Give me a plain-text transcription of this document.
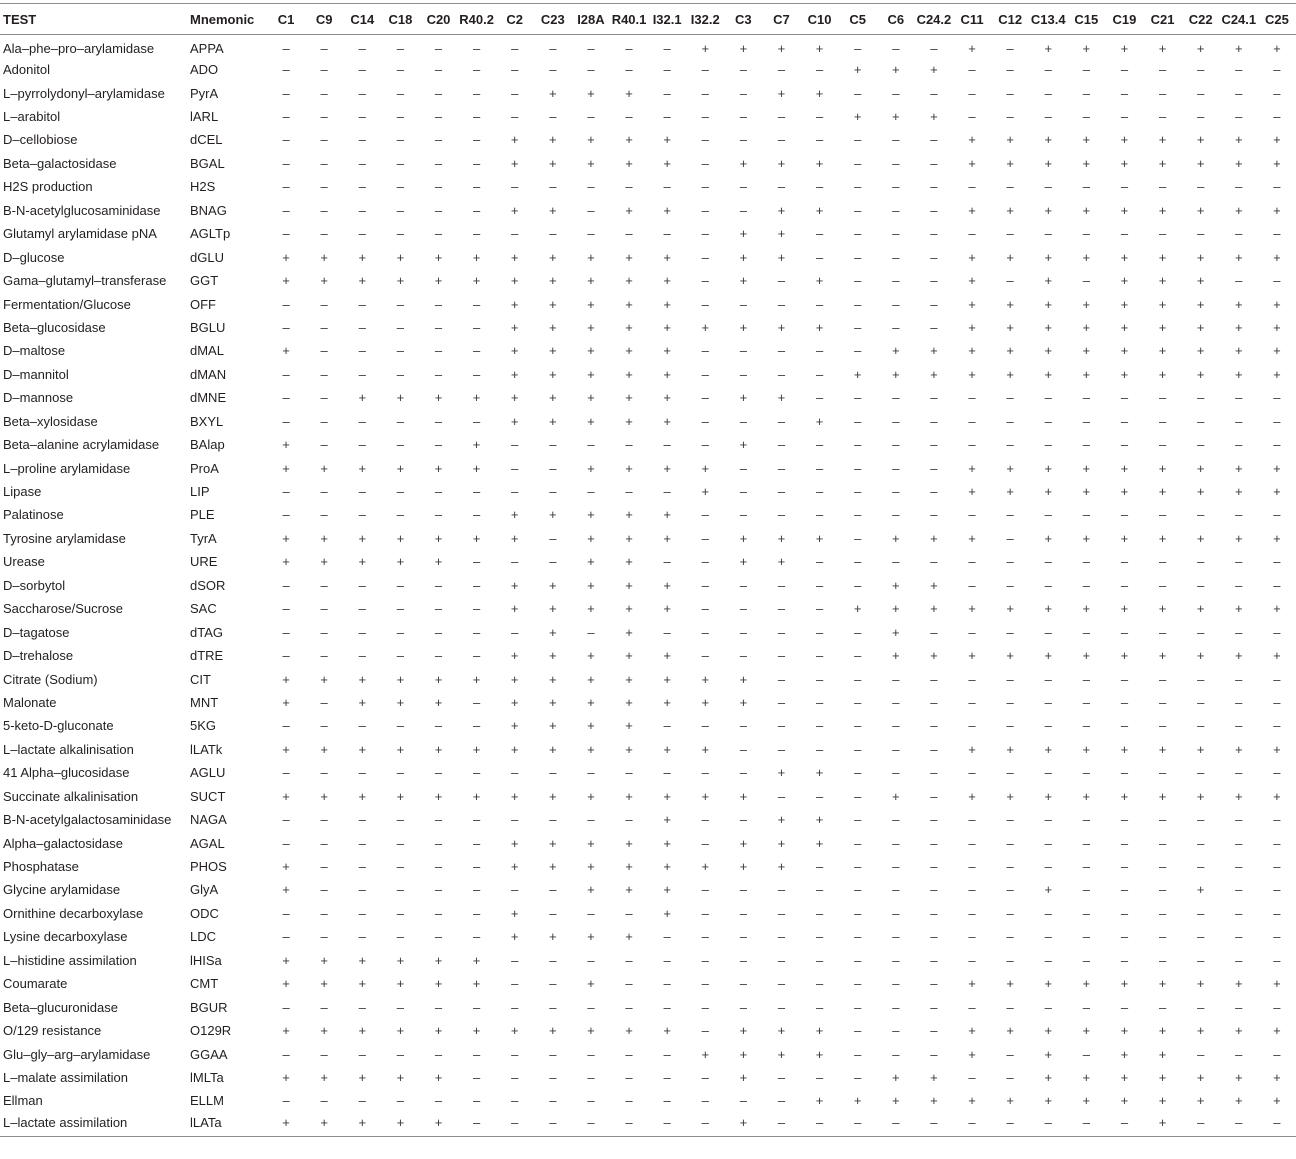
TEST	Mnemonic	C1	C9	C14	C18	C20	R40.2	C2	C23	I28A	R40.1	I32.1	I32.2	C3	C7	C10	C5	C6	C24.2	C11	C12	C13.4	C15	C19	C21	C22	C24.1	C25
Ala–phe–pro–arylamidase	APPA	–	–	–	–	–	–	–	–	–	–	–	+	+	+	+	–	–	–	+	–	+	+	+	+	+	+	+
Adonitol	ADO	–	–	–	–	–	–	–	–	–	–	–	–	–	–	–	+	+	+	–	–	–	–	–	–	–	–	–
L–pyrrolydonyl–arylamidase	PyrA	–	–	–	–	–	–	–	+	+	+	–	–	–	+	+	–	–	–	–	–	–	–	–	–	–	–	–
L–arabitol	lARL	–	–	–	–	–	–	–	–	–	–	–	–	–	–	–	+	+	+	–	–	–	–	–	–	–	–	–
D–cellobiose	dCEL	–	–	–	–	–	–	+	+	+	+	+	–	–	–	–	–	–	–	+	+	+	+	+	+	+	+	+
Beta–galactosidase	BGAL	–	–	–	–	–	–	+	+	+	+	+	–	+	+	+	–	–	–	+	+	+	+	+	+	+	+	+
H2S production	H2S	–	–	–	–	–	–	–	–	–	–	–	–	–	–	–	–	–	–	–	–	–	–	–	–	–	–	–
B-N-acetylglucosaminidase	BNAG	–	–	–	–	–	–	+	+	–	+	+	–	–	+	+	–	–	–	+	+	+	+	+	+	+	+	+
Glutamyl arylamidase pNA	AGLTp	–	–	–	–	–	–	–	–	–	–	–	–	+	+	–	–	–	–	–	–	–	–	–	–	–	–	–
D–glucose	dGLU	+	+	+	+	+	+	+	+	+	+	+	–	+	+	–	–	–	–	+	+	+	+	+	+	+	+	+
Gama–glutamyl–transferase	GGT	+	+	+	+	+	+	+	+	+	+	+	–	+	–	+	–	–	–	+	–	+	–	+	+	+	–	–
Fermentation/Glucose	OFF	–	–	–	–	–	–	+	+	+	+	+	–	–	–	–	–	–	–	+	+	+	+	+	+	+	+	+
Beta–glucosidase	BGLU	–	–	–	–	–	–	+	+	+	+	+	+	+	+	+	–	–	–	+	+	+	+	+	+	+	+	+
D–maltose	dMAL	+	–	–	–	–	–	+	+	+	+	+	–	–	–	–	–	+	+	+	+	+	+	+	+	+	+	+
D–mannitol	dMAN	–	–	–	–	–	–	+	+	+	+	+	–	–	–	–	+	+	+	+	+	+	+	+	+	+	+	+
D–mannose	dMNE	–	–	+	+	+	+	+	+	+	+	+	–	+	+	–	–	–	–	–	–	–	–	–	–	–	–	–
Beta–xylosidase	BXYL	–	–	–	–	–	–	+	+	+	+	+	–	–	–	+	–	–	–	–	–	–	–	–	–	–	–	–
Beta–alanine acrylamidase	BAlap	+	–	–	–	–	+	–	–	–	–	–	–	+	–	–	–	–	–	–	–	–	–	–	–	–	–	–
L–proline arylamidase	ProA	+	+	+	+	+	+	–	–	+	+	+	+	–	–	–	–	–	–	+	+	+	+	+	+	+	+	+
Lipase	LIP	–	–	–	–	–	–	–	–	–	–	–	+	–	–	–	–	–	–	+	+	+	+	+	+	+	+	+
Palatinose	PLE	–	–	–	–	–	–	+	+	+	+	+	–	–	–	–	–	–	–	–	–	–	–	–	–	–	–	–
Tyrosine arylamidase	TyrA	+	+	+	+	+	+	+	–	+	+	+	–	+	+	+	–	+	+	+	–	+	+	+	+	+	+	+
Urease	URE	+	+	+	+	+	–	–	–	+	+	–	–	+	+	–	–	–	–	–	–	–	–	–	–	–	–	–
D–sorbytol	dSOR	–	–	–	–	–	–	+	+	+	+	+	–	–	–	–	–	+	+	–	–	–	–	–	–	–	–	–
Saccharose/Sucrose	SAC	–	–	–	–	–	–	+	+	+	+	+	–	–	–	–	+	+	+	+	+	+	+	+	+	+	+	+
D–tagatose	dTAG	–	–	–	–	–	–	–	+	–	+	–	–	–	–	–	–	+	–	–	–	–	–	–	–	–	–	–
D–trehalose	dTRE	–	–	–	–	–	–	+	+	+	+	+	–	–	–	–	–	+	+	+	+	+	+	+	+	+	+	+
Citrate (Sodium)	CIT	+	+	+	+	+	+	+	+	+	+	+	+	+	–	–	–	–	–	–	–	–	–	–	–	–	–	–
Malonate	MNT	+	–	+	+	+	–	+	+	+	+	+	+	+	–	–	–	–	–	–	–	–	–	–	–	–	–	–
5-keto-D-gluconate	5KG	–	–	–	–	–	–	+	+	+	+	–	–	–	–	–	–	–	–	–	–	–	–	–	–	–	–	–
L–lactate alkalinisation	lLATk	+	+	+	+	+	+	+	+	+	+	+	+	–	–	–	–	–	–	+	+	+	+	+	+	+	+	+
41 Alpha–glucosidase	AGLU	–	–	–	–	–	–	–	–	–	–	–	–	–	+	+	–	–	–	–	–	–	–	–	–	–	–	–
Succinate alkalinisation	SUCT	+	+	+	+	+	+	+	+	+	+	+	+	+	–	–	–	+	–	+	+	+	+	+	+	+	+	+
B-N-acetylgalactosaminidase	NAGA	–	–	–	–	–	–	–	–	–	–	+	–	–	+	+	–	–	–	–	–	–	–	–	–	–	–	–
Alpha–galactosidase	AGAL	–	–	–	–	–	–	+	+	+	+	+	–	+	+	+	–	–	–	–	–	–	–	–	–	–	–	–
Phosphatase	PHOS	+	–	–	–	–	–	+	+	+	+	+	+	+	+	–	–	–	–	–	–	–	–	–	–	–	–	–
Glycine arylamidase	GlyA	+	–	–	–	–	–	–	–	+	+	+	–	–	–	–	–	–	–	–	–	+	–	–	–	+	–	–
Ornithine decarboxylase	ODC	–	–	–	–	–	–	+	–	–	–	+	–	–	–	–	–	–	–	–	–	–	–	–	–	–	–	–
Lysine decarboxylase	LDC	–	–	–	–	–	–	+	+	+	+	–	–	–	–	–	–	–	–	–	–	–	–	–	–	–	–	–
L–histidine assimilation	lHISa	+	+	+	+	+	+	–	–	–	–	–	–	–	–	–	–	–	–	–	–	–	–	–	–	–	–	–
Coumarate	CMT	+	+	+	+	+	+	–	–	+	–	–	–	–	–	–	–	–	–	+	+	+	+	+	+	+	+	+
Beta–glucuronidase	BGUR	–	–	–	–	–	–	–	–	–	–	–	–	–	–	–	–	–	–	–	–	–	–	–	–	–	–	–
O/129 resistance	O129R	+	+	+	+	+	+	+	+	+	+	+	–	+	+	+	–	–	–	+	+	+	+	+	+	+	+	+
Glu–gly–arg–arylamidase	GGAA	–	–	–	–	–	–	–	–	–	–	–	+	+	+	+	–	–	–	+	–	+	–	+	+	–	–	–
L–malate assimilation	lMLTa	+	+	+	+	+	–	–	–	–	–	–	–	+	–	–	–	+	+	–	–	+	+	+	+	+	+	+
Ellman	ELLM	–	–	–	–	–	–	–	–	–	–	–	–	–	–	+	+	+	+	+	+	+	+	+	+	+	+	+
L–lactate assimilation	lLATa	+	+	+	+	+	–	–	–	–	–	–	–	+	–	–	–	–	–	–	–	–	–	–	+	–	–	–
